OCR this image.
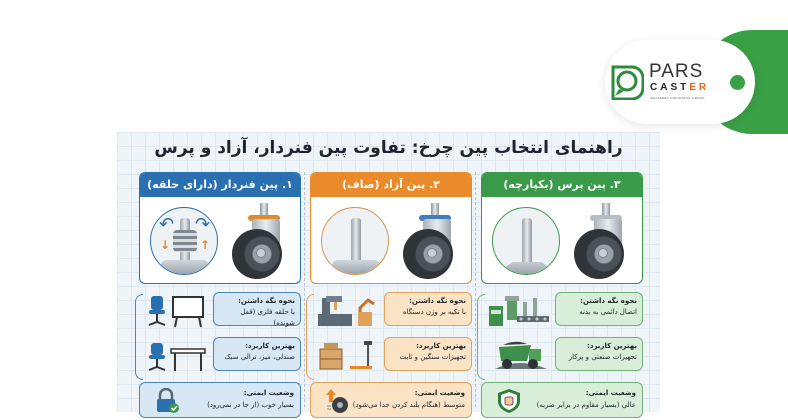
PARS
CASTER
VALIZADEH INDUSTRIAL GROUP
راهنمای انتخاب پین چرخ: تفاوت پین فنردار، آزاد و پرس
۳. پین پرس (یکپارچه)
نحوه نگه داشتن:
اتصال دائمی به بدنه
بهترین کاربرد:
تجهیزات صنعتی و پرکار
وضعیت ایمنی:
عالی (بسیار مقاوم در برابر ضربه)
۲. پین آزاد (صاف)
نحوه نگه داشتن:
با تکیه بر وزن دستگاه
بهترین کاربرد:
تجهیزات سنگین و ثابت
وضعیت ایمنی:
متوسط (هنگام بلند کردن جدا می‌شود)
۱. پین فنردار (دارای حلقه)
↓ ↑
↶ ↷
نحوه نگه داشتن:
با حلقه فلزی (قفل شونده)
بهترین کاربرد:
صندلی، میز، ترالی سبک
وضعیت ایمنی:
بسیار خوب (از جا در نمی‌رود)
